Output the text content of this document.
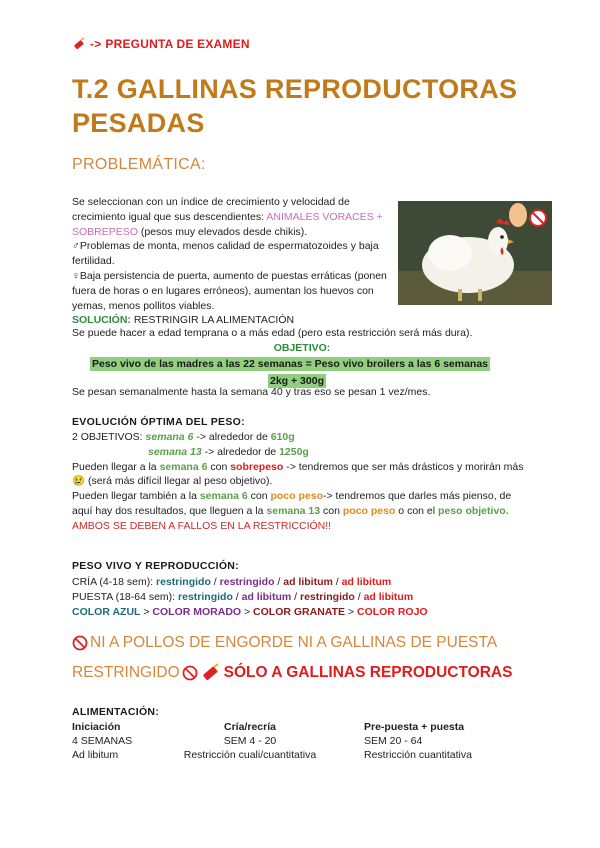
-> PREGUNTA DE EXAMEN
T.2 GALLINAS REPRODUCTORAS PESADAS
PROBLEMÁTICA:
Se seleccionan con un índice de crecimiento y velocidad de crecimiento igual que sus descendientes: ANIMALES VORACES + SOBREPESO (pesos muy elevados desde chikis).
♂Problemas de monta, menos calidad de espermatozoides y baja fertilidad.
♀Baja persistencia de puerta, aumento de puestas erráticas (ponen fuera de horas o en lugares erróneos), aumentan los huevos con yemas, menos pollitos viables.
SOLUCIÓN: RESTRINGIR LA ALIMENTACIÓN
Se puede hacer a edad temprana o a más edad (pero esta restricción será más dura).
OBJETIVO:
Peso vivo de las madres a las 22 semanas = Peso vivo broilers a las 6 semanas
2kg + 300g
Se pesan semanalmente hasta la semana 40 y tras eso se pesan 1 vez/mes.
EVOLUCIÓN ÓPTIMA DEL PESO:
2 OBJETIVOS: semana 6 -> alrededor de 610g
semana 13 -> alrededor de 1250g
Pueden llegar a la semana 6 con sobrepeso -> tendremos que ser más drásticos y morirán más 😢 (será más difícil llegar al peso objetivo).
Pueden llegar también a la semana 6 con poco peso-> tendremos que darles más pienso, de aquí hay dos resultados, que lleguen a la semana 13 con poco peso o con el peso objetivo.
AMBOS SE DEBEN A FALLOS EN LA RESTRICCIÓN!!
PESO VIVO Y REPRODUCCIÓN:
CRÍA (4-18 sem): restringido / restringido / ad libitum / ad libitum
PUESTA (18-64 sem): restringido / ad libitum / restringido / ad libitum
COLOR AZUL > COLOR MORADO > COLOR GRANATE > COLOR ROJO
NI A POLLOS DE ENGORDE NI A GALLINAS DE PUESTA
RESTRINGIDO	SÓLO A GALLINAS REPRODUCTORAS
ALIMENTACIÓN:
Iniciación
4 SEMANAS
Ad libitum
Cría/recría
SEM 4 - 20
Restricción cuali/cuantitativa
Pre-puesta + puesta
SEM 20 - 64
Restricción cuantitativa
